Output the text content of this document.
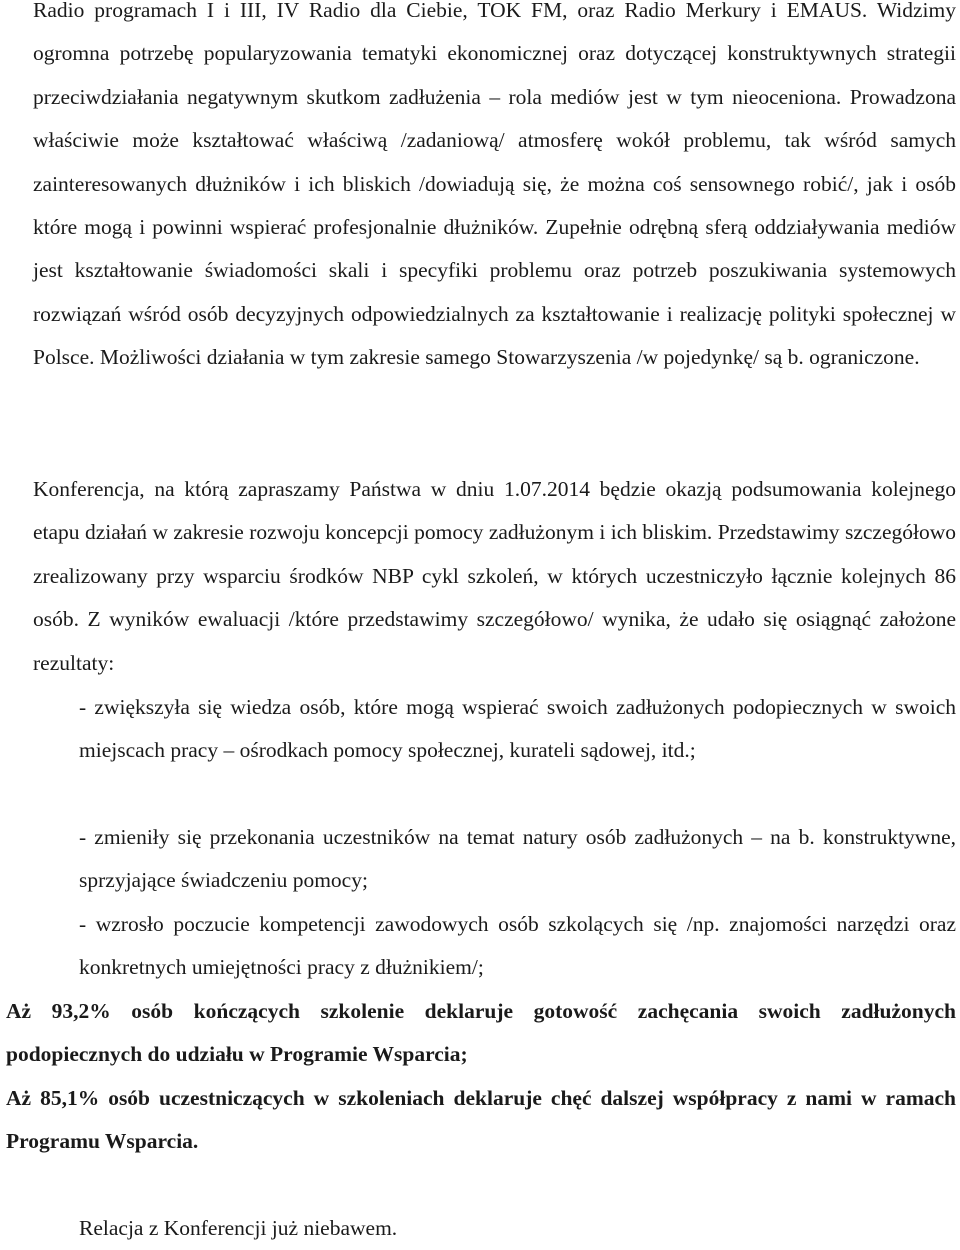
Radio programach I i III, IV Radio dla Ciebie, TOK FM, oraz Radio Merkury i EMAUS. Widzimy ogromna potrzebę popularyzowania tematyki ekonomicznej oraz dotyczącej konstruktywnych strategii przeciwdziałania negatywnym skutkom zadłużenia – rola mediów jest w tym nieoceniona. Prowadzona właściwie może kształtować właściwą /zadaniową/ atmosferę wokół problemu, tak wśród samych zainteresowanych dłużników i ich bliskich /dowiadują się, że można coś sensownego robić/, jak i osób które mogą i powinni wspierać profesjonalnie dłużników. Zupełnie odrębną sferą oddziaływania mediów jest kształtowanie świadomości skali i specyfiki problemu oraz potrzeb poszukiwania systemowych rozwiązań wśród osób decyzyjnych odpowiedzialnych za kształtowanie i realizację polityki społecznej w Polsce. Możliwości działania w tym zakresie samego Stowarzyszenia /w pojedynkę/ są b. ograniczone.

Konferencja, na którą zapraszamy Państwa w dniu 1.07.2014 będzie okazją podsumowania kolejnego etapu działań w zakresie rozwoju koncepcji pomocy zadłużonym i ich bliskim. Przedstawimy szczegółowo zrealizowany przy wsparciu środków NBP cykl szkoleń, w których uczestniczyło łącznie kolejnych 86 osób. Z wyników ewaluacji /które przedstawimy szczegółowo/ wynika, że udało się osiągnąć założone rezultaty:

- zwiększyła się wiedza osób, które mogą wspierać swoich zadłużonych podopiecznych w swoich miejscach pracy – ośrodkach pomocy społecznej, kurateli sądowej, itd.;

- zmieniły się przekonania uczestników na temat natury osób zadłużonych – na b. konstruktywne, sprzyjające świadczeniu pomocy;

- wzrosło poczucie kompetencji zawodowych osób szkolących się /np. znajomości narzędzi oraz konkretnych umiejętności pracy z dłużnikiem/;

Aż 93,2% osób kończących szkolenie deklaruje gotowość zachęcania swoich zadłużonych podopiecznych do udziału w Programie Wsparcia;

Aż 85,1% osób uczestniczących w szkoleniach deklaruje chęć dalszej współpracy z nami w ramach Programu Wsparcia.

Relacja z Konferencji już niebawem.
